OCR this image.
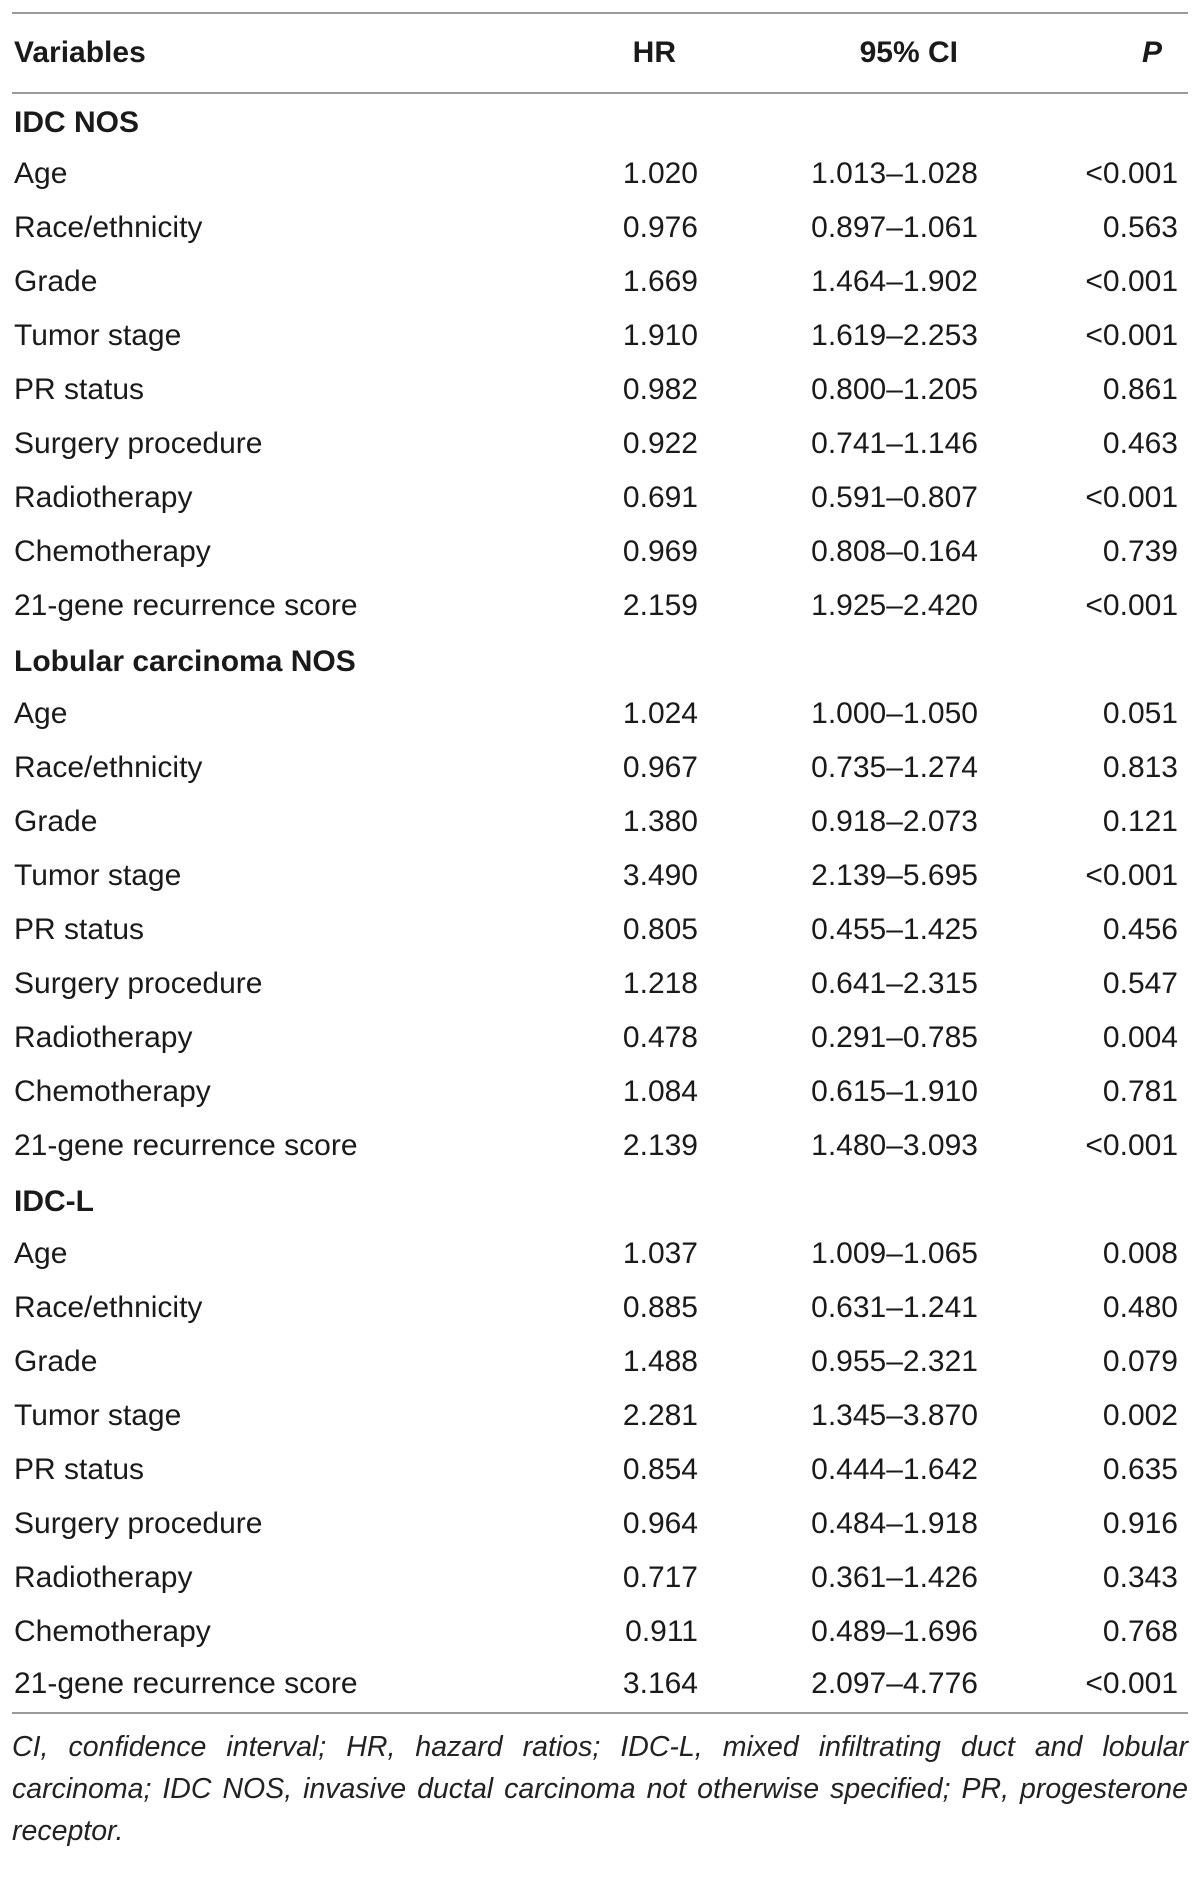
Variables	HR	95% CI	P
IDC NOS			
Age	1.020	1.013–1.028	<0.001
Race/ethnicity	0.976	0.897–1.061	0.563
Grade	1.669	1.464–1.902	<0.001
Tumor stage	1.910	1.619–2.253	<0.001
PR status	0.982	0.800–1.205	0.861
Surgery procedure	0.922	0.741–1.146	0.463
Radiotherapy	0.691	0.591–0.807	<0.001
Chemotherapy	0.969	0.808–0.164	0.739
21-gene recurrence score	2.159	1.925–2.420	<0.001
Lobular carcinoma NOS			
Age	1.024	1.000–1.050	0.051
Race/ethnicity	0.967	0.735–1.274	0.813
Grade	1.380	0.918–2.073	0.121
Tumor stage	3.490	2.139–5.695	<0.001
PR status	0.805	0.455–1.425	0.456
Surgery procedure	1.218	0.641–2.315	0.547
Radiotherapy	0.478	0.291–0.785	0.004
Chemotherapy	1.084	0.615–1.910	0.781
21-gene recurrence score	2.139	1.480–3.093	<0.001
IDC-L			
Age	1.037	1.009–1.065	0.008
Race/ethnicity	0.885	0.631–1.241	0.480
Grade	1.488	0.955–2.321	0.079
Tumor stage	2.281	1.345–3.870	0.002
PR status	0.854	0.444–1.642	0.635
Surgery procedure	0.964	0.484–1.918	0.916
Radiotherapy	0.717	0.361–1.426	0.343
Chemotherapy	0.911	0.489–1.696	0.768
21-gene recurrence score	3.164	2.097–4.776	<0.001
CI, confidence interval; HR, hazard ratios; IDC-L, mixed infiltrating duct and lobular carcinoma; IDC NOS, invasive ductal carcinoma not otherwise specified; PR, progesterone receptor.
